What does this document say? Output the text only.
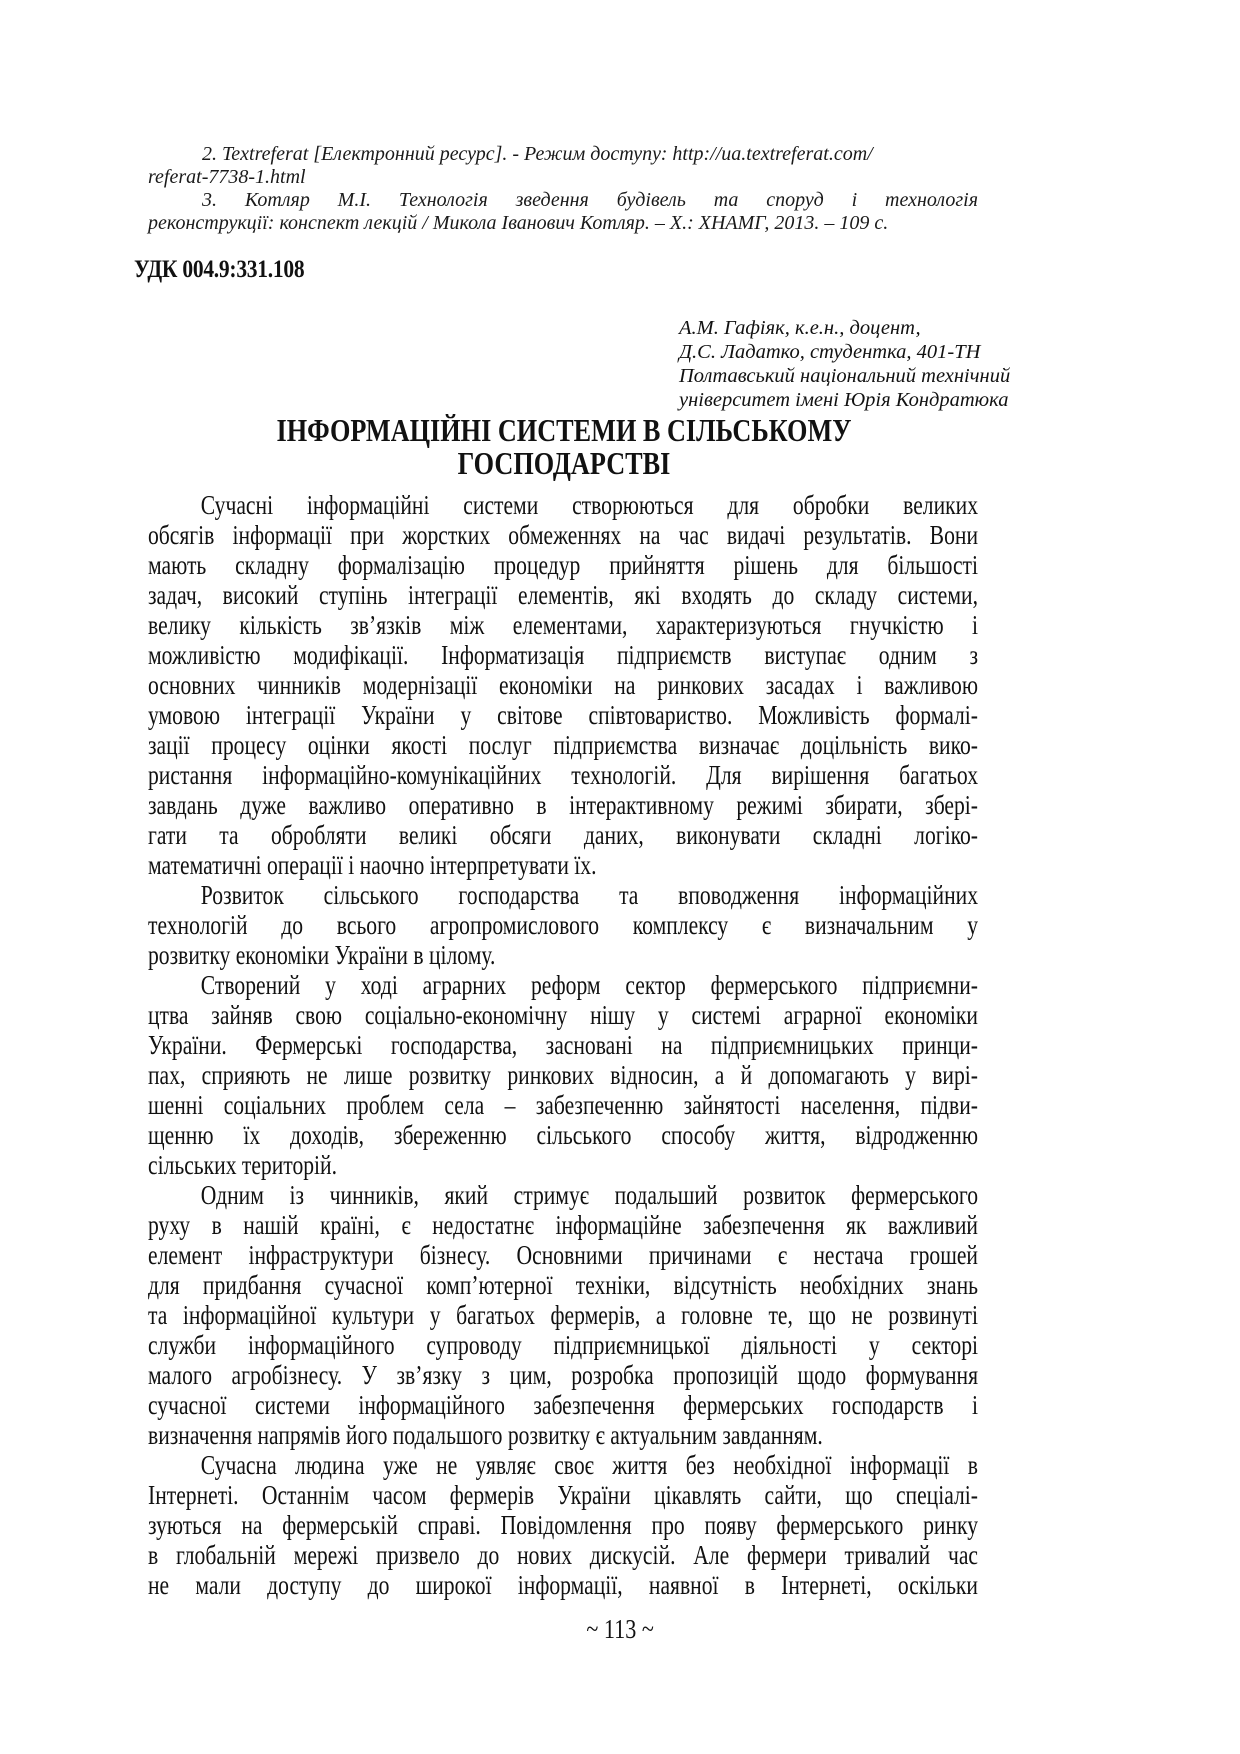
2. Textreferat [Електронний ресурс]. - Режим доступу: http://ua.textreferat.com/

referat-7738-1.html

3. Котляр М.І. Технологія зведення будівель та споруд і технологія

реконструкції: конспект лекцій / Микола Іванович Котляр. – Х.: ХНАМГ, 2013. – 109 с.

УДК 004.9:331.108
А.М. Гафіяк, к.е.н., доцент,
Д.С. Ладатко, студентка, 401-ТН
Полтавський національний технічний
університет імені Юрія Кондратюка
ІНФОРМАЦІЙНІ СИСТЕМИ В СІЛЬСЬКОМУ
ГОСПОДАРСТВІ
Сучасні інформаційні системи створюються для обробки великих
обсягів інформації при жорстких обмеженнях на час видачі результатів. Вони
мають складну формалізацію процедур прийняття рішень для більшості
задач, високий ступінь інтеграції елементів, які входять до складу системи,
велику кількість зв’язків між елементами, характеризуються гнучкістю і
можливістю модифікації. Інформатизація підприємств виступає одним з
основних чинників модернізації економіки на ринкових засадах і важливою
умовою інтеграції України у світове співтовариство. Можливість формалі-
зації процесу оцінки якості послуг підприємства визначає доцільність вико-
ристання інформаційно-комунікаційних технологій. Для вирішення багатьох
завдань дуже важливо оперативно в інтерактивному режимі збирати, збері-
гати та обробляти великі обсяги даних, виконувати складні логіко-
математичні операції і наочно інтерпретувати їх.
Розвиток сільського господарства та вповодження інформаційних
технологій до всього агропромислового комплексу є визначальним у
розвитку економіки України в цілому.
Створений у ході аграрних реформ сектор фермерського підприємни-
цтва зайняв свою соціально-економічну нішу у системі аграрної економіки
України. Фермерські господарства, засновані на підприємницьких принци-
пах, сприяють не лише розвитку ринкових відносин, а й допомагають у вирі-
шенні соціальних проблем села – забезпеченню зайнятості населення, підви-
щенню їх доходів, збереженню сільського способу життя, відродженню
сільських територій.
Одним із чинників, який стримує подальший розвиток фермерського
руху в нашій країні, є недостатнє інформаційне забезпечення як важливий
елемент інфраструктури бізнесу. Основними причинами є нестача грошей
для придбання сучасної комп’ютерної техніки, відсутність необхідних знань
та інформаційної культури у багатьох фермерів, а головне те, що не розвинуті
служби інформаційного супроводу підприємницької діяльності у секторі
малого агробізнесу. У зв’язку з цим, розробка пропозицій щодо формування
сучасної системи інформаційного забезпечення фермерських господарств і
визначення напрямів його подальшого розвитку є актуальним завданням.
Сучасна людина уже не уявляє своє життя без необхідної інформації в
Інтернеті. Останнім часом фермерів України цікавлять сайти, що спеціалі-
зуються на фермерській справі. Повідомлення про появу фермерського ринку
в глобальній мережі призвело до нових дискусій. Але фермери тривалий час
не мали доступу до широкої інформації, наявної в Інтернеті, оскільки
~ 113 ~
